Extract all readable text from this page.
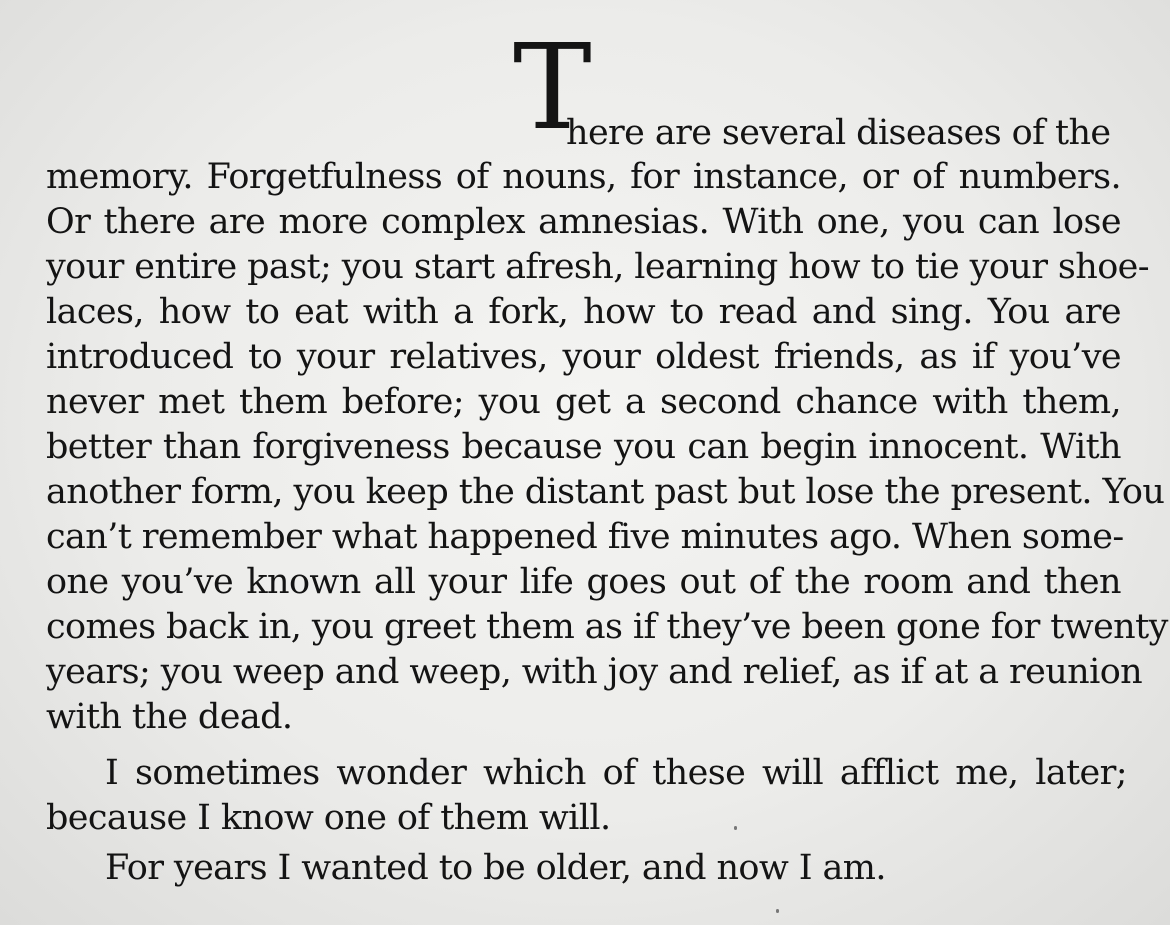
T
here are several diseases of the
memory. Forgetfulness of nouns, for instance, or of numbers.
Or there are more complex amnesias. With one, you can lose
your entire past; you start afresh, learning how to tie your shoe-
laces, how to eat with a fork, how to read and sing. You are
introduced to your relatives, your oldest friends, as if you’ve
never met them before; you get a second chance with them,
better than forgiveness because you can begin innocent. With
another form, you keep the distant past but lose the present. You
can’t remember what happened five minutes ago. When some-
one you’ve known all your life goes out of the room and then
comes back in, you greet them as if they’ve been gone for twenty
years; you weep and weep, with joy and relief, as if at a reunion
with the dead.
I sometimes wonder which of these will afflict me, later;
because I know one of them will.
For years I wanted to be older, and now I am.
